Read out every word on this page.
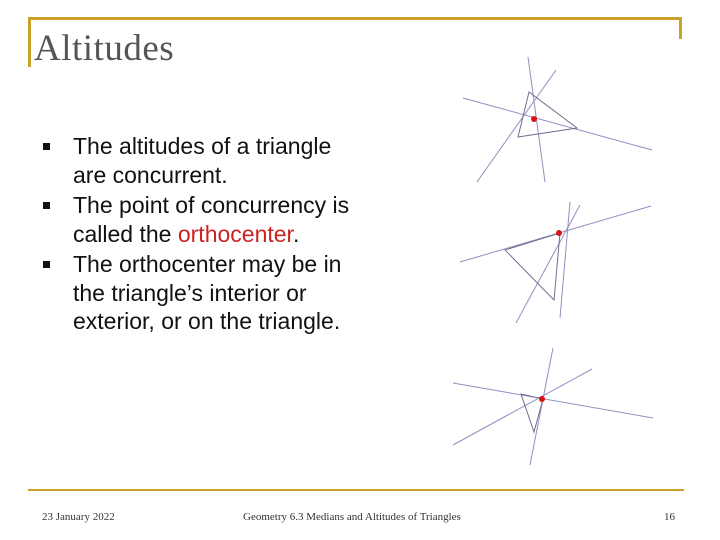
Altitudes
The altitudes of a triangle are concurrent.
The point of concurrency is called the orthocenter.
The orthocenter may be in the triangle’s interior or exterior, or on the triangle.
23 January 2022	Geometry 6.3 Medians and Altitudes of Triangles	16
